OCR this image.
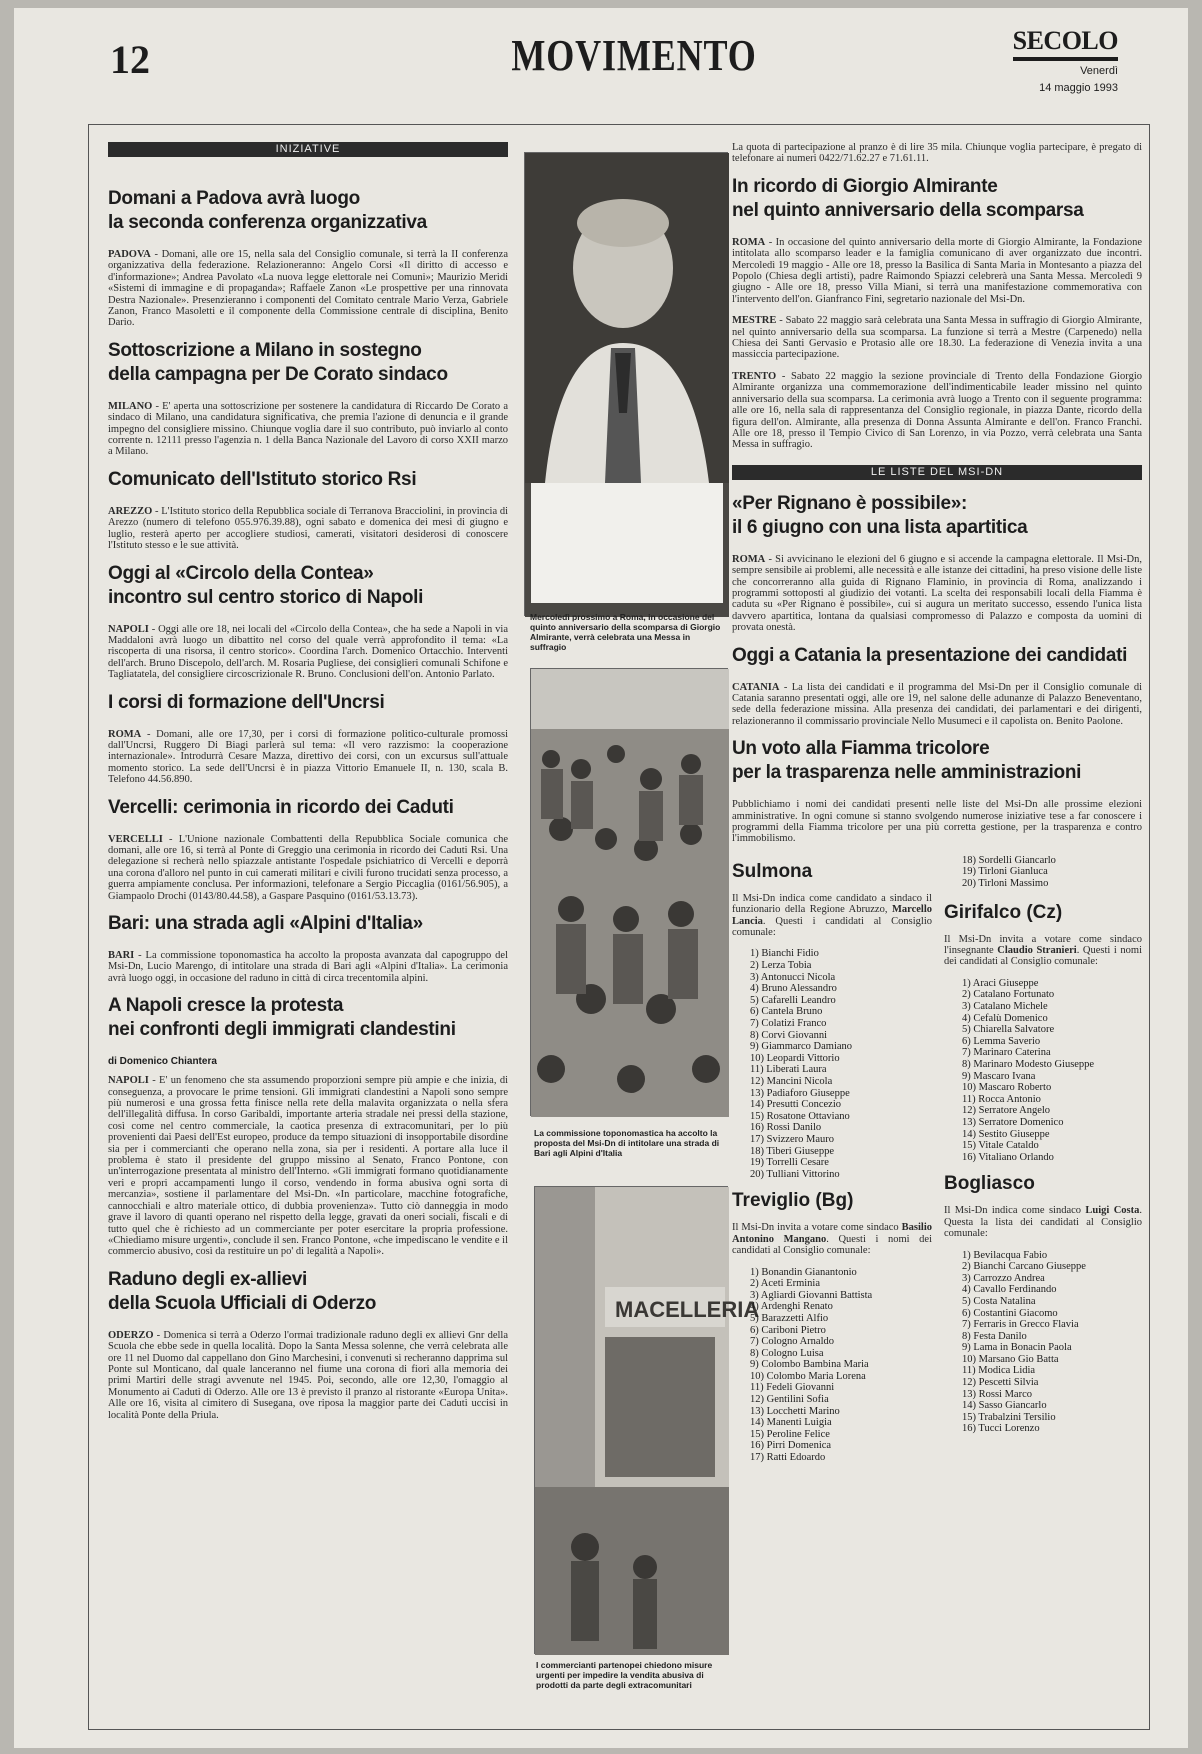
12	MOVIMENTO	SECOLO
Venerdì
14 maggio 1993
INIZIATIVE
Domani a Padova avrà luogo
la seconda conferenza organizzativa
PADOVA - Domani, alle ore 15, nella sala del Consiglio comunale, si terrà la II conferenza organizzativa della federazione. Relazioneranno: Angelo Corsi «Il diritto di accesso e d'informazione»; Andrea Pavolato «La nuova legge elettorale nei Comuni»; Maurizio Meridi «Sistemi di immagine e di propaganda»; Raffaele Zanon «Le prospettive per una rinnovata Destra Nazionale». Presenzieranno i componenti del Comitato centrale Mario Verza, Gabriele Zanon, Franco Masoletti e il componente della Commissione centrale di disciplina, Benito Dario.
Sottoscrizione a Milano in sostegno
della campagna per De Corato sindaco
MILANO - E' aperta una sottoscrizione per sostenere la candidatura di Riccardo De Corato a sindaco di Milano, una candidatura significativa, che premia l'azione di denuncia e il grande impegno del consigliere missino. Chiunque voglia dare il suo contributo, può inviarlo al conto corrente n. 12111 presso l'agenzia n. 1 della Banca Nazionale del Lavoro di corso XXII marzo a Milano.
Comunicato dell'Istituto storico Rsi
AREZZO - L'Istituto storico della Repubblica sociale di Terranova Bracciolini, in provincia di Arezzo (numero di telefono 055.976.39.88), ogni sabato e domenica dei mesi di giugno e luglio, resterà aperto per accogliere studiosi, camerati, visitatori desiderosi di conoscere l'Istituto stesso e le sue attività.
Oggi al «Circolo della Contea»
incontro sul centro storico di Napoli
NAPOLI - Oggi alle ore 18, nei locali del «Circolo della Contea», che ha sede a Napoli in via Maddaloni avrà luogo un dibattito nel corso del quale verrà approfondito il tema: «La riscoperta di una risorsa, il centro storico». Coordina l'arch. Domenico Ortacchio. Interventi dell'arch. Bruno Discepolo, dell'arch. M. Rosaria Pugliese, dei consiglieri comunali Schifone e Tagliatatela, del consigliere circoscrizionale R. Bruno. Conclusioni dell'on. Antonio Parlato.
I corsi di formazione dell'Uncrsi
ROMA - Domani, alle ore 17,30, per i corsi di formazione politico-culturale promossi dall'Uncrsi, Ruggero Di Biagi parlerà sul tema: «Il vero razzismo: la cooperazione internazionale». Introdurrà Cesare Mazza, direttivo dei corsi, con un excursus sull'attuale momento storico. La sede dell'Uncrsi è in piazza Vittorio Emanuele II, n. 130, scala B. Telefono 44.56.890.
Vercelli: cerimonia in ricordo dei Caduti
VERCELLI - L'Unione nazionale Combattenti della Repubblica Sociale comunica che domani, alle ore 16, si terrà al Ponte di Greggio una cerimonia in ricordo dei Caduti Rsi. Una delegazione si recherà nello spiazzale antistante l'ospedale psichiatrico di Vercelli e deporrà una corona d'alloro nel punto in cui camerati militari e civili furono trucidati senza processo, a guerra ampiamente conclusa. Per informazioni, telefonare a Sergio Piccaglia (0161/56.905), a Giampaolo Drochi (0143/80.44.58), a Gaspare Pasquino (0161/53.13.73).
Bari: una strada agli «Alpini d'Italia»
BARI - La commissione toponomastica ha accolto la proposta avanzata dal capogruppo del Msi-Dn, Lucio Marengo, di intitolare una strada di Bari agli «Alpini d'Italia». La cerimonia avrà luogo oggi, in occasione del raduno in città di circa trecentomila alpini.
A Napoli cresce la protesta
nei confronti degli immigrati clandestini
di Domenico Chiantera
NAPOLI - E' un fenomeno che sta assumendo proporzioni sempre più ampie e che inizia, di conseguenza, a provocare le prime tensioni. Gli immigrati clandestini a Napoli sono sempre più numerosi e una grossa fetta finisce nella rete della malavita organizzata o nella sfera dell'illegalità diffusa. In corso Garibaldi, importante arteria stradale nei pressi della stazione, così come nel centro commerciale, la caotica presenza di extracomunitari, per lo più provenienti dai Paesi dell'Est europeo, produce da tempo situazioni di insopportabile disordine sia per i commercianti che operano nella zona, sia per i residenti. A portare alla luce il problema è stato il presidente del gruppo missino al Senato, Franco Pontone, con un'interrogazione presentata al ministro dell'Interno. «Gli immigrati formano quotidianamente veri e propri accampamenti lungo il corso, vendendo in forma abusiva ogni sorta di mercanzia», sostiene il parlamentare del Msi-Dn. «In particolare, macchine fotografiche, cannocchiali e altro materiale ottico, di dubbia provenienza». Tutto ciò danneggia in modo grave il lavoro di quanti operano nel rispetto della legge, gravati da oneri sociali, fiscali e di tutto quel che è richiesto ad un commerciante per poter esercitare la propria professione. «Chiediamo misure urgenti», conclude il sen. Franco Pontone, «che impediscano le vendite e il commercio abusivo, così da restituire un po' di legalità a Napoli».
Raduno degli ex-allievi
della Scuola Ufficiali di Oderzo
ODERZO - Domenica si terrà a Oderzo l'ormai tradizionale raduno degli ex allievi Gnr della Scuola che ebbe sede in quella località. Dopo la Santa Messa solenne, che verrà celebrata alle ore 11 nel Duomo dal cappellano don Gino Marchesini, i convenuti si recheranno dapprima sul Ponte sul Monticano, dal quale lanceranno nel fiume una corona di fiori alla memoria dei primi Martiri delle stragi avvenute nel 1945. Poi, secondo, alle ore 12,30, l'omaggio al Monumento ai Caduti di Oderzo. Alle ore 13 è previsto il pranzo al ristorante «Europa Unita». Alle ore 16, visita al cimitero di Susegana, ove riposa la maggior parte dei Caduti uccisi in località Ponte della Priula.
Mercoledì prossimo a Roma, in occasione del quinto anniversario della scomparsa di Giorgio Almirante, verrà celebrata una Messa in suffragio
La commissione toponomastica ha accolto la proposta del Msi-Dn di intitolare una strada di Bari agli Alpini d'Italia
MACELLERIA
I commercianti partenopei chiedono misure urgenti per impedire la vendita abusiva di prodotti da parte degli extracomunitari
La quota di partecipazione al pranzo è di lire 35 mila. Chiunque voglia partecipare, è pregato di telefonare ai numeri 0422/71.62.27 e 71.61.11.
In ricordo di Giorgio Almirante
nel quinto anniversario della scomparsa
ROMA - In occasione del quinto anniversario della morte di Giorgio Almirante, la Fondazione intitolata allo scomparso leader e la famiglia comunicano di aver organizzato due incontri. Mercoledì 19 maggio - Alle ore 18, presso la Basilica di Santa Maria in Montesanto a piazza del Popolo (Chiesa degli artisti), padre Raimondo Spiazzi celebrerà una Santa Messa. Mercoledì 9 giugno - Alle ore 18, presso Villa Miani, si terrà una manifestazione commemorativa con l'intervento dell'on. Gianfranco Fini, segretario nazionale del Msi-Dn.
MESTRE - Sabato 22 maggio sarà celebrata una Santa Messa in suffragio di Giorgio Almirante, nel quinto anniversario della sua scomparsa. La funzione si terrà a Mestre (Carpenedo) nella Chiesa dei Santi Gervasio e Protasio alle ore 18.30. La federazione di Venezia invita a una massiccia partecipazione.
TRENTO - Sabato 22 maggio la sezione provinciale di Trento della Fondazione Giorgio Almirante organizza una commemorazione dell'indimenticabile leader missino nel quinto anniversario della sua scomparsa. La cerimonia avrà luogo a Trento con il seguente programma: alle ore 16, nella sala di rappresentanza del Consiglio regionale, in piazza Dante, ricordo della figura dell'on. Almirante, alla presenza di Donna Assunta Almirante e dell'on. Franco Franchi. Alle ore 18, presso il Tempio Civico di San Lorenzo, in via Pozzo, verrà celebrata una Santa Messa in suffragio.
LE LISTE DEL MSI-DN
«Per Rignano è possibile»:
il 6 giugno con una lista apartitica
ROMA - Si avvicinano le elezioni del 6 giugno e si accende la campagna elettorale. Il Msi-Dn, sempre sensibile ai problemi, alle necessità e alle istanze dei cittadini, ha preso visione delle liste che concorreranno alla guida di Rignano Flaminio, in provincia di Roma, analizzando i programmi sottoposti al giudizio dei votanti. La scelta dei responsabili locali della Fiamma è caduta su «Per Rignano è possibile», cui si augura un meritato successo, essendo l'unica lista davvero apartitica, lontana da qualsiasi compromesso di Palazzo e composta da uomini di provata onestà.
Oggi a Catania la presentazione dei candidati
CATANIA - La lista dei candidati e il programma del Msi-Dn per il Consiglio comunale di Catania saranno presentati oggi, alle ore 19, nel salone delle adunanze di Palazzo Beneventano, sede della federazione missina. Alla presenza dei candidati, dei parlamentari e dei dirigenti, relazioneranno il commissario provinciale Nello Musumeci e il capolista on. Benito Paolone.
Un voto alla Fiamma tricolore
per la trasparenza nelle amministrazioni
Pubblichiamo i nomi dei candidati presenti nelle liste del Msi-Dn alle prossime elezioni amministrative. In ogni comune si stanno svolgendo numerose iniziative tese a far conoscere i programmi della Fiamma tricolore per una più corretta gestione, per la trasparenza e contro l'immobilismo.
Sulmona
Il Msi-Dn indica come candidato a sindaco il funzionario della Regione Abruzzo, Marcello Lancia. Questi i candidati al Consiglio comunale:
1) Bianchi Fidio
2) Lerza Tobia
3) Antonucci Nicola
4) Bruno Alessandro
5) Cafarelli Leandro
6) Cantela Bruno
7) Colatizi Franco
8) Corvi Giovanni
9) Giammarco Damiano
10) Leopardi Vittorio
11) Liberati Laura
12) Mancini Nicola
13) Padiaforo Giuseppe
14) Presutti Concezio
15) Rosatone Ottaviano
16) Rossi Danilo
17) Svizzero Mauro
18) Tiberi Giuseppe
19) Torrelli Cesare
20) Tulliani Vittorino
Treviglio (Bg)
Il Msi-Dn invita a votare come sindaco Basilio Antonino Mangano. Questi i nomi dei candidati al Consiglio comunale:
1) Bonandin Gianantonio
2) Aceti Erminia
3) Agliardi Giovanni Battista
4) Ardenghi Renato
5) Barazzetti Alfio
6) Cariboni Pietro
7) Cologno Arnaldo
8) Cologno Luisa
9) Colombo Bambina Maria
10) Colombo Maria Lorena
11) Fedeli Giovanni
12) Gentilini Sofia
13) Locchetti Marino
14) Manenti Luigia
15) Peroline Felice
16) Pirri Domenica
17) Ratti Edoardo
18) Sordelli Giancarlo
19) Tirloni Gianluca
20) Tirloni Massimo
Girifalco (Cz)
Il Msi-Dn invita a votare come sindaco l'insegnante Claudio Stranieri. Questi i nomi dei candidati al Consiglio comunale:
1) Araci Giuseppe
2) Catalano Fortunato
3) Catalano Michele
4) Cefalù Domenico
5) Chiarella Salvatore
6) Lemma Saverio
7) Marinaro Caterina
8) Marinaro Modesto Giuseppe
9) Mascaro Ivana
10) Mascaro Roberto
11) Rocca Antonio
12) Serratore Angelo
13) Serratore Domenico
14) Sestito Giuseppe
15) Vitale Cataldo
16) Vitaliano Orlando
Bogliasco
Il Msi-Dn indica come sindaco Luigi Costa. Questa la lista dei candidati al Consiglio comunale:
1) Bevilacqua Fabio
2) Bianchi Carcano Giuseppe
3) Carrozzo Andrea
4) Cavallo Ferdinando
5) Costa Natalina
6) Costantini Giacomo
7) Ferraris in Grecco Flavia
8) Festa Danilo
9) Lama in Bonacin Paola
10) Marsano Gio Batta
11) Modica Lidia
12) Pescetti Silvia
13) Rossi Marco
14) Sasso Giancarlo
15) Trabalzini Tersilio
16) Tucci Lorenzo
